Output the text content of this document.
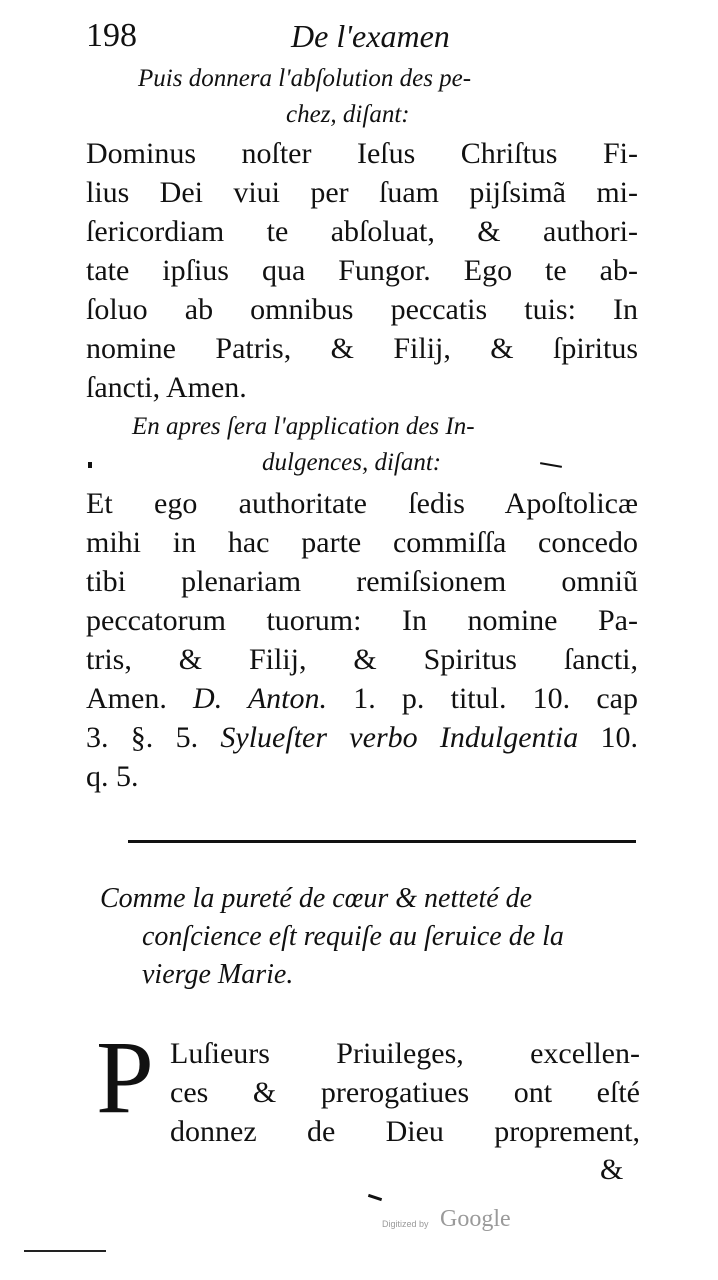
198	De l'examen
Puis donnera l'abſolution des pe-
chez, diſant:
Dominus noſter Ieſus Chriſtus Fi-
lius Dei viui per ſuam pijſsimã mi-
ſericordiam te abſoluat, & authori-
tate ipſius qua Fungor. Ego te ab-
ſoluo ab omnibus peccatis tuis: In
nomine Patris, & Filij, & ſpiritus
ſancti, Amen.
En apres ſera l'application des In-
dulgences, diſant:
Et ego authoritate ſedis Apoſtolicæ
mihi in hac parte commiſſa concedo
tibi plenariam remiſsionem omniũ
peccatorum tuorum: In nomine Pa-
tris, & Filij, & Spiritus ſancti,
Amen. D. Anton. 1. p. titul. 10. cap
3. §. 5. Sylueſter verbo Indulgentia 10.
q. 5.
Comme la pureté de cœur & netteté de
conſcience eſt requiſe au ſeruice de la
vierge Marie.
P Luſieurs Priuileges, excellen-
ces & prerogatiues ont eſté
donnez de Dieu proprement,
&
Digitized by Google
